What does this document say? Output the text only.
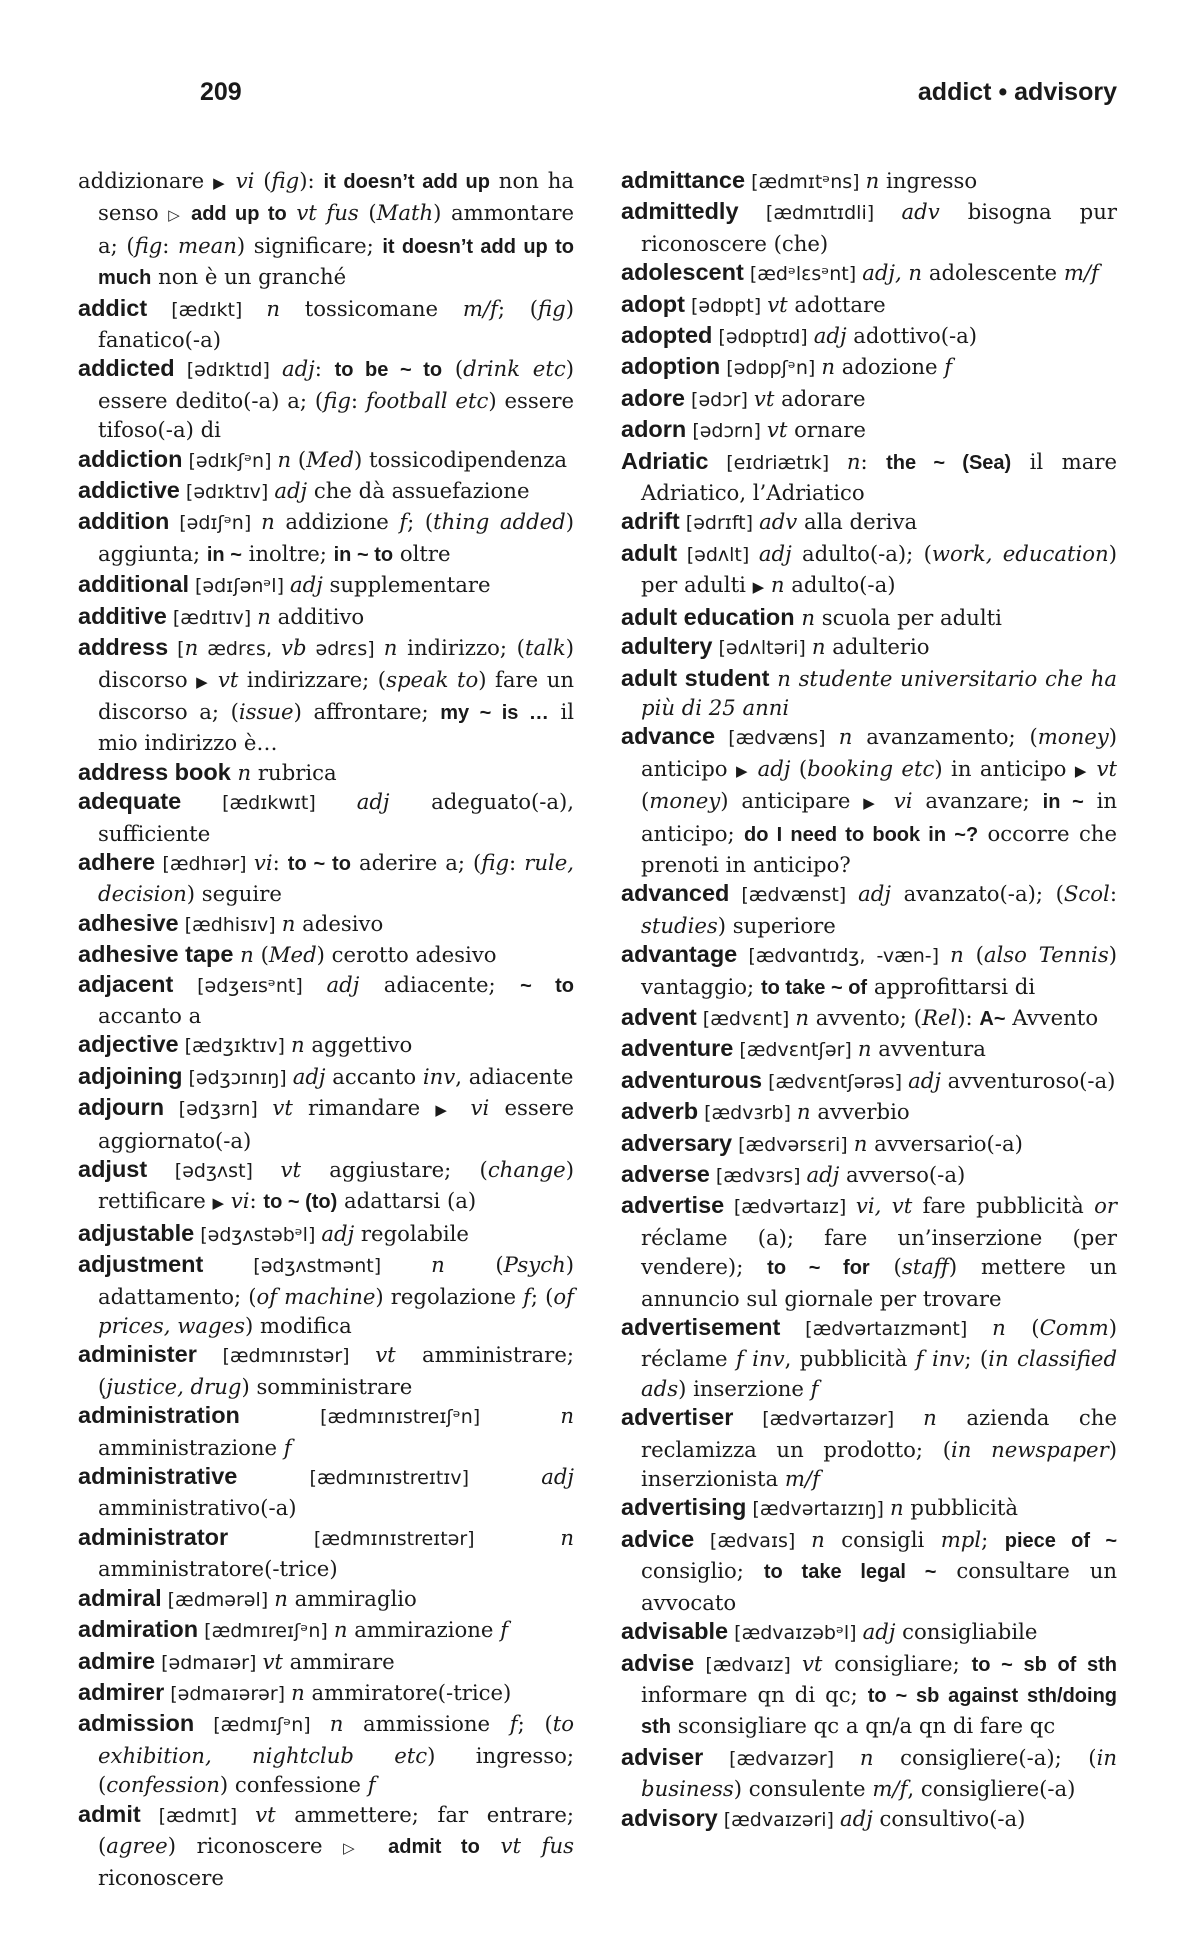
209	addict • advisory

addizionare ▶ vi (fig): it doesn’t add up non ha senso ▷ add up to vt fus (Math) ammontare a; (fig: mean) significare; it doesn’t add up to much non è un granché

addict [ædɪkt] n tossicomane m/f; (fig) fanatico(-a)

addicted [ədɪktɪd] adj: to be ~ to (drink etc) essere dedito(-a) a; (fig: football etc) essere tifoso(-a) di

addiction [ədɪkʃᵊn] n (Med) tossicodipendenza

addictive [ədɪktɪv] adj che dà assuefazione

addition [ədɪʃᵊn] n addizione f; (thing added) aggiunta; in ~ inoltre; in ~ to oltre

additional [ədɪʃənᵊl] adj supplementare

additive [ædɪtɪv] n additivo

address [n ædrɛs, vb ədrɛs] n indirizzo; (talk) discorso ▶ vt indirizzare; (speak to) fare un discorso a; (issue) affrontare; my ~ is … il mio indirizzo è…

address book n rubrica

adequate [ædɪkwɪt] adj adeguato(-a), sufficiente

adhere [ædhɪər] vi: to ~ to aderire a; (fig: rule, decision) seguire

adhesive [ædhisɪv] n adesivo

adhesive tape n (Med) cerotto adesivo

adjacent [ədʒeɪsᵊnt] adj adiacente; ~ to accanto a

adjective [ædʒɪktɪv] n aggettivo

adjoining [ədʒɔɪnɪŋ] adj accanto inv, adiacente

adjourn [ədʒɜrn] vt rimandare ▶ vi essere aggiornato(-a)

adjust [ədʒʌst] vt aggiustare; (change) rettificare ▶ vi: to ~ (to) adattarsi (a)

adjustable [ədʒʌstəbᵊl] adj regolabile

adjustment [ədʒʌstmənt] n (Psych) adattamento; (of machine) regolazione f; (of prices, wages) modifica

administer [ædmɪnɪstər] vt amministrare; (justice, drug) somministrare

administration [ædmɪnɪstreɪʃᵊn] n amministrazione f

administrative [ædmɪnɪstreɪtɪv] adj amministrativo(-a)

administrator [ædmɪnɪstreɪtər] n amministratore(-trice)

admiral [ædmərəl] n ammiraglio

admiration [ædmɪreɪʃᵊn] n ammirazione f

admire [ədmaɪər] vt ammirare

admirer [ədmaɪərər] n ammiratore(-trice)

admission [ædmɪʃᵊn] n ammissione f; (to exhibition, nightclub etc) ingresso; (confession) confessione f

admit [ædmɪt] vt ammettere; far entrare; (agree) riconoscere ▷ admit to vt fus riconoscere

admittance [ædmɪtᵊns] n ingresso

admittedly [ædmɪtɪdli] adv bisogna pur riconoscere (che)

adolescent [ædᵊlɛsᵊnt] adj, n adolescente m/f

adopt [ədɒpt] vt adottare

adopted [ədɒptɪd] adj adottivo(-a)

adoption [ədɒpʃᵊn] n adozione f

adore [ədɔr] vt adorare

adorn [ədɔrn] vt ornare

Adriatic [eɪdriætɪk] n: the ~ (Sea) il mare Adriatico, l’Adriatico

adrift [ədrɪft] adv alla deriva

adult [ədʌlt] adj adulto(-a); (work, education) per adulti ▶ n adulto(-a)

adult education n scuola per adulti

adultery [ədʌltəri] n adulterio

adult student n studente universitario che ha più di 25 anni

advance [ædvæns] n avanzamento; (money) anticipo ▶ adj (booking etc) in anticipo ▶ vt (money) anticipare ▶ vi avanzare; in ~ in anticipo; do I need to book in ~? occorre che prenoti in anticipo?

advanced [ædvænst] adj avanzato(-a); (Scol: studies) superiore

advantage [ædvɑntɪdʒ, -væn-] n (also Tennis) vantaggio; to take ~ of approfittarsi di

advent [ædvɛnt] n avvento; (Rel): A~ Avvento

adventure [ædvɛntʃər] n avventura

adventurous [ædvɛntʃərəs] adj avventuroso(-a)

adverb [ædvɜrb] n avverbio

adversary [ædvərsɛri] n avversario(-a)

adverse [ædvɜrs] adj avverso(-a)

advertise [ædvərtaɪz] vi, vt fare pubblicità or réclame (a); fare un’inserzione (per vendere); to ~ for (staff) mettere un annuncio sul giornale per trovare

advertisement [ædvərtaɪzmənt] n (Comm) réclame f inv, pubblicità f inv; (in classified ads) inserzione f

advertiser [ædvərtaɪzər] n azienda che reclamizza un prodotto; (in newspaper) inserzionista m/f

advertising [ædvərtaɪzɪŋ] n pubblicità

advice [ædvaɪs] n consigli mpl; piece of ~ consiglio; to take legal ~ consultare un avvocato

advisable [ædvaɪzəbᵊl] adj consigliabile

advise [ædvaɪz] vt consigliare; to ~ sb of sth informare qn di qc; to ~ sb against sth/doing sth sconsigliare qc a qn/a qn di fare qc

adviser [ædvaɪzər] n consigliere(-a); (in business) consulente m/f, consigliere(-a)

advisory [ædvaɪzəri] adj consultivo(-a)
